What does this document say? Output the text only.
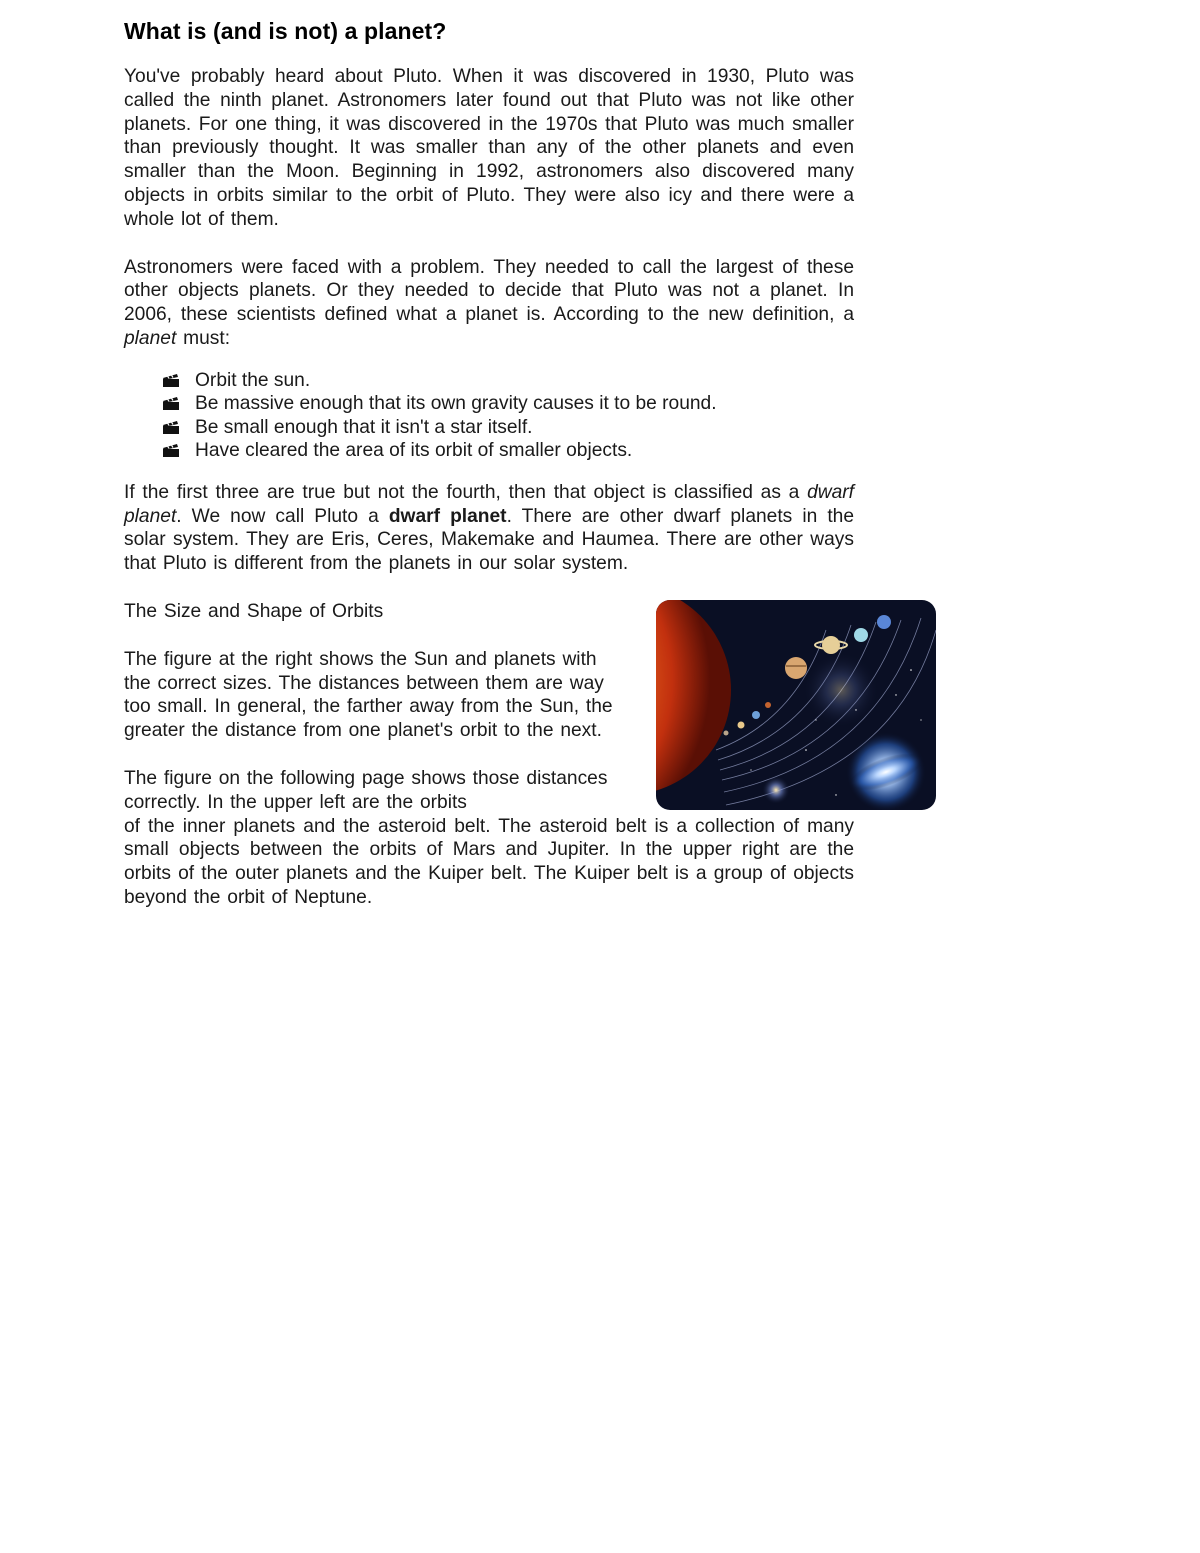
What is (and is not) a planet?

You've probably heard about Pluto. When it was discovered in 1930, Pluto was called the ninth planet. Astronomers later found out that Pluto was not like other planets. For one thing, it was discovered in the 1970s that Pluto was much smaller than previously thought. It was smaller than any of the other planets and even smaller than the Moon. Beginning in 1992, astronomers also discovered many objects in orbits similar to the orbit of Pluto. They were also icy and there were a whole lot of them.

Astronomers were faced with a problem. They needed to call the largest of these other objects planets. Or they needed to decide that Pluto was not a planet. In 2006, these scientists defined what a planet is. According to the new definition, a planet must:

Orbit the sun.
Be massive enough that its own gravity causes it to be round.
Be small enough that it isn't a star itself.
Have cleared the area of its orbit of smaller objects.

If the first three are true but not the fourth, then that object is classified as a dwarf planet. We now call Pluto a dwarf planet. There are other dwarf planets in the solar system. They are Eris, Ceres, Makemake and Haumea. There are other ways that Pluto is different from the planets in our solar system.

The Size and Shape of Orbits

The figure at the right shows the Sun and planets with the correct sizes. The distances between them are way too small. In general, the farther away from the Sun, the greater the distance from one planet's orbit to the next.

The figure on the following page shows those distances correctly. In the upper left are the orbits

of the inner planets and the asteroid belt. The asteroid belt is a collection of many small objects between the orbits of Mars and Jupiter. In the upper right are the orbits of the outer planets and the Kuiper belt. The Kuiper belt is a group of objects beyond the orbit of Neptune.
